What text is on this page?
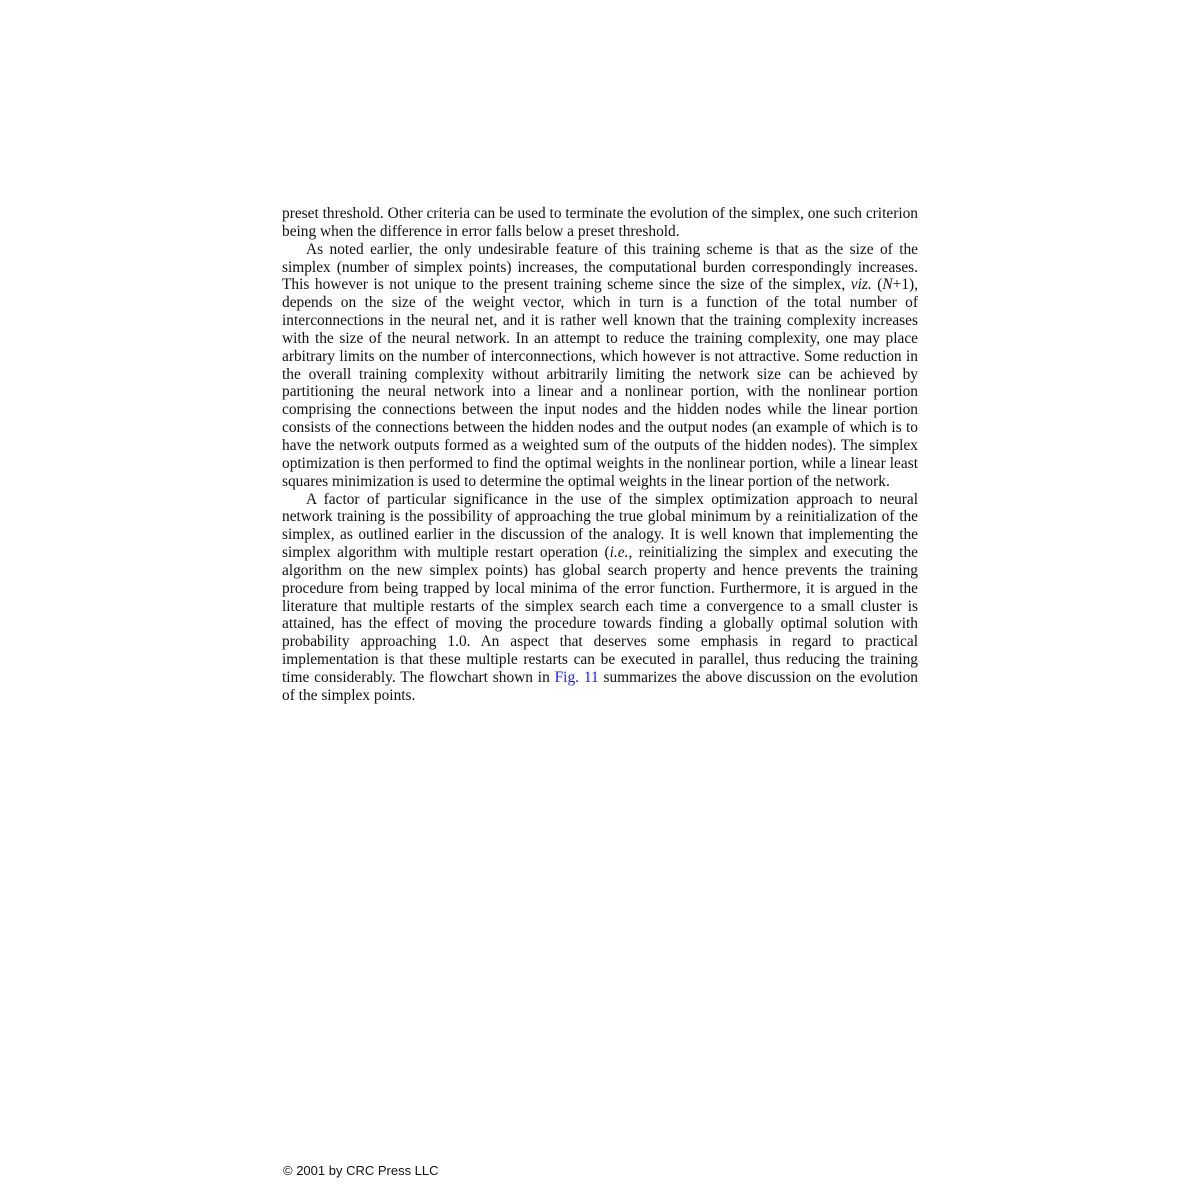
preset threshold. Other criteria can be used to terminate the evolution of the simplex, one such criterion being when the difference in error falls below a preset threshold.

As noted earlier, the only undesirable feature of this training scheme is that as the size of the simplex (number of simplex points) increases, the computational burden correspondingly increases. This however is not unique to the present training scheme since the size of the simplex, viz. (N+1), depends on the size of the weight vector, which in turn is a function of the total number of interconnections in the neural net, and it is rather well known that the training complexity increases with the size of the neural network. In an attempt to reduce the training complexity, one may place arbitrary limits on the number of interconnections, which however is not attractive. Some reduction in the overall training complexity without arbitrarily limiting the network size can be achieved by partitioning the neural network into a linear and a nonlinear portion, with the nonlinear portion comprising the connections between the input nodes and the hidden nodes while the linear portion consists of the connections between the hidden nodes and the output nodes (an example of which is to have the network outputs formed as a weighted sum of the outputs of the hidden nodes). The simplex optimization is then performed to find the optimal weights in the nonlinear portion, while a linear least squares minimization is used to determine the optimal weights in the linear portion of the network.

A factor of particular significance in the use of the simplex optimization approach to neural network training is the possibility of approaching the true global minimum by a reinitialization of the simplex, as outlined earlier in the discussion of the analogy. It is well known that implementing the simplex algorithm with multiple restart operation (i.e., reinitializing the simplex and executing the algorithm on the new simplex points) has global search property and hence prevents the training procedure from being trapped by local minima of the error function. Furthermore, it is argued in the literature that multiple restarts of the simplex search each time a convergence to a small cluster is attained, has the effect of moving the procedure towards finding a globally optimal solution with probability approaching 1.0. An aspect that deserves some emphasis in regard to practical implementation is that these multiple restarts can be executed in parallel, thus reducing the training time considerably. The flowchart shown in Fig. 11 summarizes the above discussion on the evolution of the simplex points.

© 2001 by CRC Press LLC
